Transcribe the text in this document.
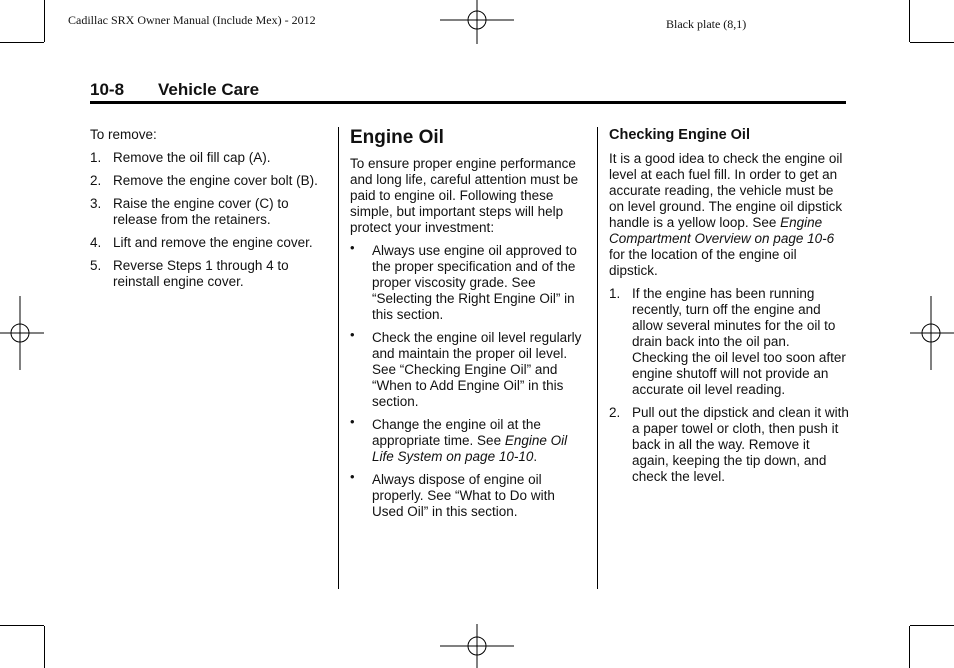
Cadillac SRX Owner Manual (Include Mex) - 2012	Black plate (8,1)
10-8 Vehicle Care

To remove:

1. Remove the oil fill cap (A).
2. Remove the engine cover bolt (B).
3. Raise the engine cover (C) to release from the retainers.
4. Lift and remove the engine cover.
5. Reverse Steps 1 through 4 to reinstall engine cover.
Engine Oil

To ensure proper engine performance and long life, careful attention must be paid to engine oil. Following these simple, but important steps will help protect your investment:

• Always use engine oil approved to the proper specification and of the proper viscosity grade. See “Selecting the Right Engine Oil” in this section.
• Check the engine oil level regularly and maintain the proper oil level. See “Checking Engine Oil” and “When to Add Engine Oil” in this section.
• Change the engine oil at the appropriate time. See Engine Oil Life System on page 10-10.
• Always dispose of engine oil properly. See “What to Do with Used Oil” in this section.
Checking Engine Oil

It is a good idea to check the engine oil level at each fuel fill. In order to get an accurate reading, the vehicle must be on level ground. The engine oil dipstick handle is a yellow loop. See Engine Compartment Overview on page 10-6 for the location of the engine oil dipstick.

1. If the engine has been running recently, turn off the engine and allow several minutes for the oil to drain back into the oil pan. Checking the oil level too soon after engine shutoff will not provide an accurate oil level reading.
2. Pull out the dipstick and clean it with a paper towel or cloth, then push it back in all the way. Remove it again, keeping the tip down, and check the level.
